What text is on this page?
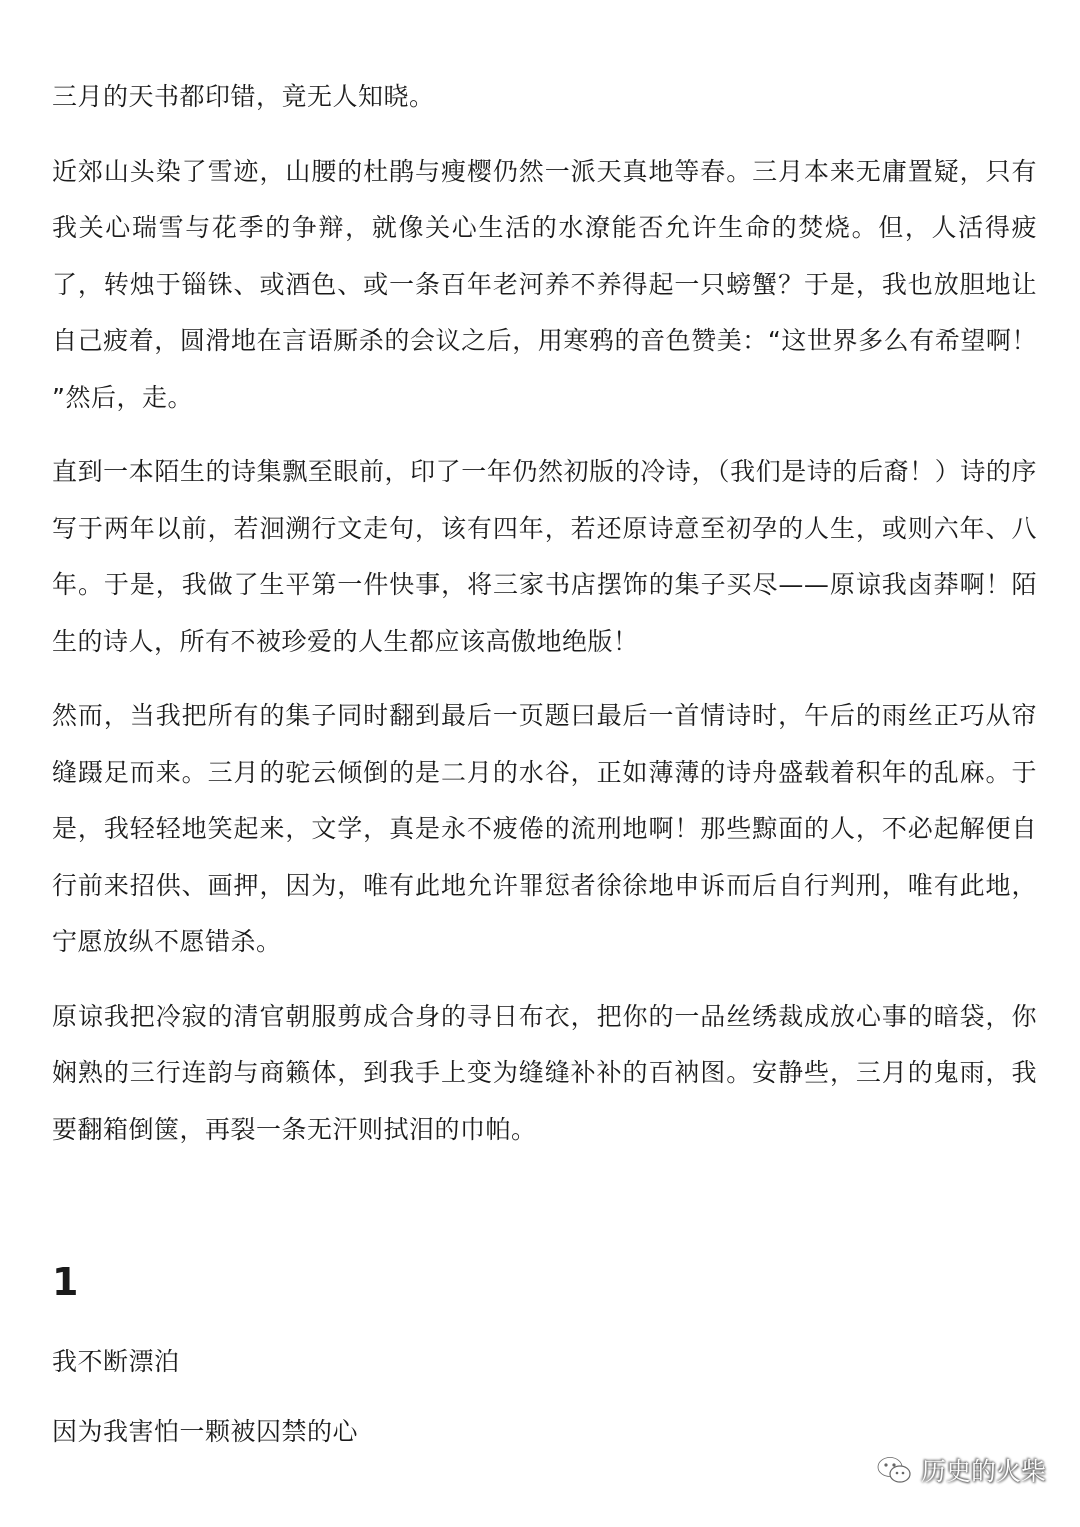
三月的天书都印错，竟无人知晓。

近郊山头染了雪迹，山腰的杜鹃与瘦樱仍然一派天真地等春。三月本来无庸置疑，只有我关心瑞雪与花季的争辩，就像关心生活的水潦能否允许生命的焚烧。但，人活得疲了，转烛于锱铢、或酒色、或一条百年老河养不养得起一只螃蟹？于是，我也放胆地让自己疲着，圆滑地在言语厮杀的会议之后，用寒鸦的音色赞美：“这世界多么有希望啊！ ”然后，走。

直到一本陌生的诗集飘至眼前，印了一年仍然初版的冷诗，（我们是诗的后裔！）诗的序写于两年以前，若洄溯行文走句，该有四年，若还原诗意至初孕的人生，或则六年、八年。于是，我做了生平第一件快事，将三家书店摆饰的集子买尽——原谅我卤莽啊！陌生的诗人，所有不被珍爱的人生都应该高傲地绝版！

然而，当我把所有的集子同时翻到最后一页题曰最后一首情诗时，午后的雨丝正巧从帘缝蹑足而来。三月的驼云倾倒的是二月的水谷，正如薄薄的诗舟盛载着积年的乱麻。于是，我轻轻地笑起来，文学，真是永不疲倦的流刑地啊！那些黥面的人，不必起解便自行前来招供、画押，因为，唯有此地允许罪愆者徐徐地申诉而后自行判刑，唯有此地，宁愿放纵不愿错杀。

原谅我把冷寂的清官朝服剪成合身的寻日布衣，把你的一品丝绣裁成放心事的暗袋，你娴熟的三行连韵与商籁体，到我手上变为缝缝补补的百衲图。安静些，三月的鬼雨，我要翻箱倒箧，再裂一条无汗则拭泪的巾帕。

1

我不断漂泊

因为我害怕一颗被囚禁的心

历史的火柴
